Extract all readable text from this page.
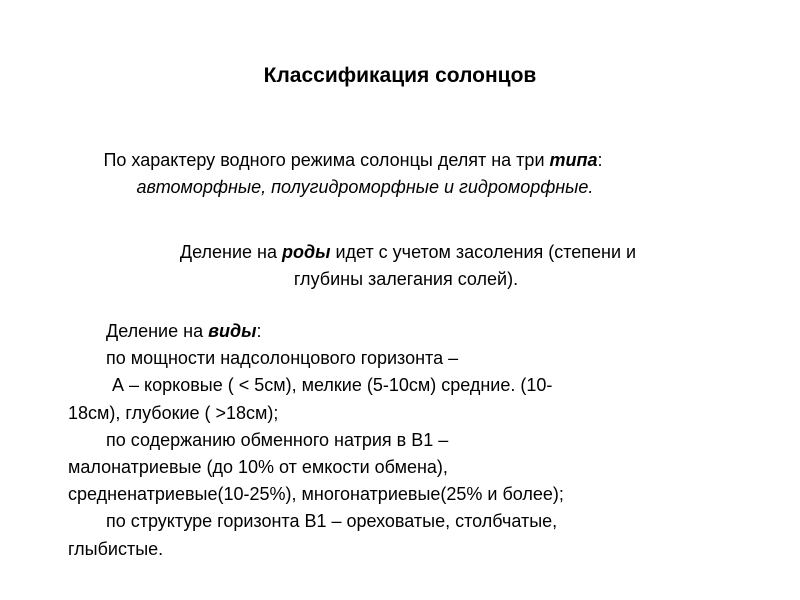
Классификация солонцов
По характеру водного режима солонцы делят на три типа:
автоморфные, полугидроморфные и гидроморфные.
Деление на роды идет с учетом засоления (степени и
глубины залегания солей).
Деление на виды:
по мощности надсолонцового горизонта –
А – корковые ( < 5см), мелкие (5-10см) средние. (10-
18см), глубокие ( >18см);
по содержанию обменного натрия в В1 –
малонатриевые (до 10% от емкости обмена),
средненатриевые(10-25%), многонатриевые(25% и более);
по структуре горизонта В1 – ореховатые, столбчатые,
глыбистые.
